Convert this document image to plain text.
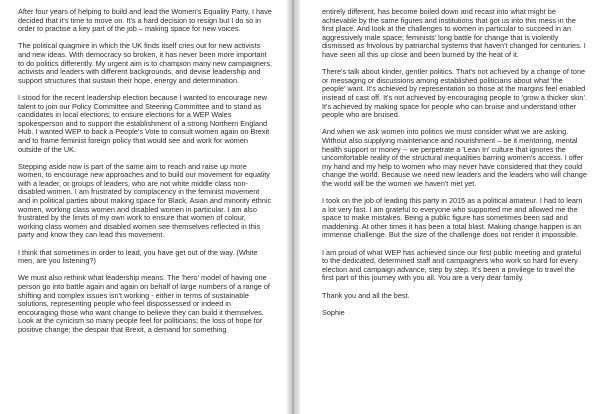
After four years of helping to build and lead the Women's Equality Party, I have decided that it's time to move on. It's a hard decision to resign but I do so in order to practise a key part of the job – making space for new voices.

The political quagmire in which the UK finds itself cries out for new activists and new ideas. With democracy so broken, it has never been more important to do politics differently. My urgent aim is to champion many new campaigners, activists and leaders with different backgrounds, and devise leadership and support structures that sustain their hope, energy and determination.

I stood for the recent leadership election because I wanted to encourage new talent to join our Policy Committee and Steering Committee and to stand as candidates in local elections; to ensure elections for a WEP Wales spokesperson and to support the establishment of a strong Northern England Hub. I wanted WEP to back a People's Vote to consult women again on Brexit and to frame feminist foreign policy that would see and work for women outside of the UK.

Stepping aside now is part of the same aim to reach and raise up more women, to encourage new approaches and to build our movement for equality with a leader, or groups of leaders, who are not white middle class non-disabled women. I am frustrated by complacency in the feminist movement and in political parties about making space for Black, Asian and minority ethnic women, working class women and disabled women in particular. I am also frustrated by the limits of my own work to ensure that women of colour, working class women and disabled women see themselves reflected in this party and know they can lead this movement.

I think that sometimes in order to lead, you have get out of the way. (White men, are you listening?)

We must also rethink what leadership means. The 'hero' model of having one person go into battle again and again on behalf of large numbers of a range of shifting and complex issues isn't working - either in terms of sustainable solutions, representing people who feel dispossessed or indeed in encouraging those who want change to believe they can build it themselves. Look at the cynicism so many people feel for politicians; the loss of hope for positive change; the despair that Brexit, a demand for something

entirely different, has become boiled down and recast into what might be achievable by the same figures and institutions that got us into this mess in the first place. And look at the challenges to women in particular to succeed in an aggressively male space; feminists' long battle for change that is violently dismissed as frivolous by patriarchal systems that haven't changed for centuries. I have seen all this up close and been burned by the heat of it.

There's talk about kinder, gentler politics. That's not achieved by a change of tone or messaging or discussions among established politicians about what 'the people' want. It's achieved by representation so those at the margins feel enabled instead of cast off. It's not achieved by encouraging people to 'grow a thicker skin'. It's achieved by making space for people who can bruise and understand other people who are bruised.

And when we ask women into politics we must consider what we are asking. Without also supplying maintenance and nourishment – be it mentoring, mental health support or money -- we perpetrate a 'Lean In' culture that ignores the uncomfortable reality of the structural inequalities barring women's access. I offer my hand and my help to women who may never have considered that they could change the world. Because we need new leaders and the leaders who will change the world will be the women we haven't met yet.

I took on the job of leading this party in 2015 as a political amateur. I had to learn a lot very fast. I am grateful to everyone who supported me and allowed me the space to make mistakes. Being a public figure has sometimes been sad and maddening. At other times it has been a total blast. Making change happen is an immense challenge. But the size of the challenge does not render it impossible.

I am proud of what WEP has achieved since our first public meeting and grateful to the dedicated, determined staff and campaigners who work so hard for every election and campaign advance, step by step. It's been a privilege to travel the first part of this journey with you all. You are a very dear family.

Thank you and all the best.

Sophie
